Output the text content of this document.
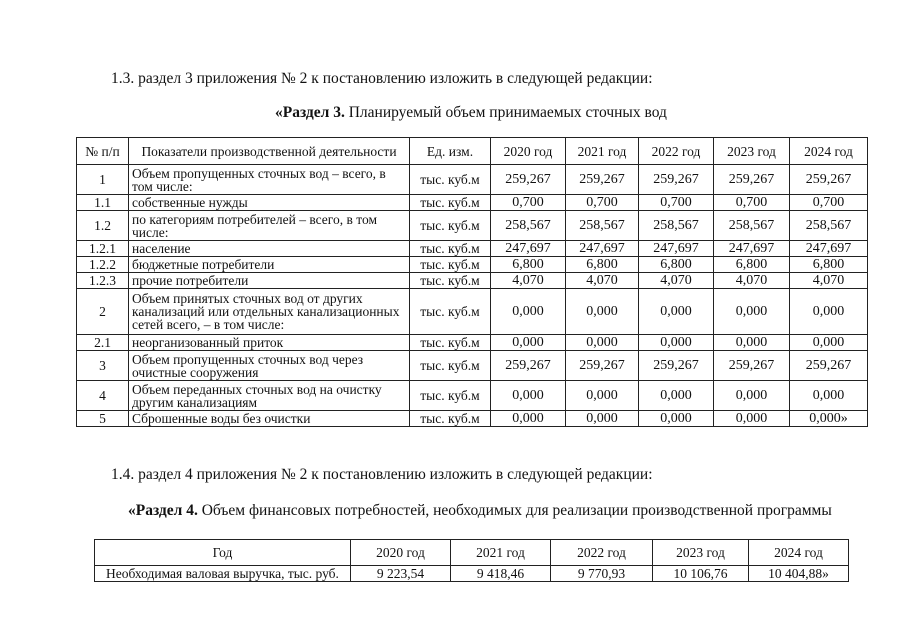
1.3. раздел 3 приложения № 2 к постановлению изложить в следующей редакции:
«Раздел 3. Планируемый объем принимаемых сточных вод
№ п/п	Показатели производственной деятельности	Ед. изм.	2020 год	2021 год	2022 год	2023 год	2024 год
1	Объем пропущенных сточных вод – всего, в том числе:	тыс. куб.м	259,267	259,267	259,267	259,267	259,267
1.1	собственные нужды	тыс. куб.м	0,700	0,700	0,700	0,700	0,700
1.2	по категориям потребителей – всего, в том числе:	тыс. куб.м	258,567	258,567	258,567	258,567	258,567
1.2.1	население	тыс. куб.м	247,697	247,697	247,697	247,697	247,697
1.2.2	бюджетные потребители	тыс. куб.м	6,800	6,800	6,800	6,800	6,800
1.2.3	прочие потребители	тыс. куб.м	4,070	4,070	4,070	4,070	4,070
2	Объем принятых сточных вод от других канализаций или отдельных канализационных сетей всего, – в том числе:	тыс. куб.м	0,000	0,000	0,000	0,000	0,000
2.1	неорганизованный приток	тыс. куб.м	0,000	0,000	0,000	0,000	0,000
3	Объем пропущенных сточных вод через очистные сооружения	тыс. куб.м	259,267	259,267	259,267	259,267	259,267
4	Объем переданных сточных вод на очистку другим канализациям	тыс. куб.м	0,000	0,000	0,000	0,000	0,000
5	Сброшенные воды без очистки	тыс. куб.м	0,000	0,000	0,000	0,000	0,000»
1.4. раздел 4 приложения № 2 к постановлению изложить в следующей редакции:
«Раздел 4. Объем финансовых потребностей, необходимых для реализации производственной программы
Год	2020 год	2021 год	2022 год	2023 год	2024 год
Необходимая валовая выручка, тыс. руб.	9 223,54	9 418,46	9 770,93	10 106,76	10 404,88»
